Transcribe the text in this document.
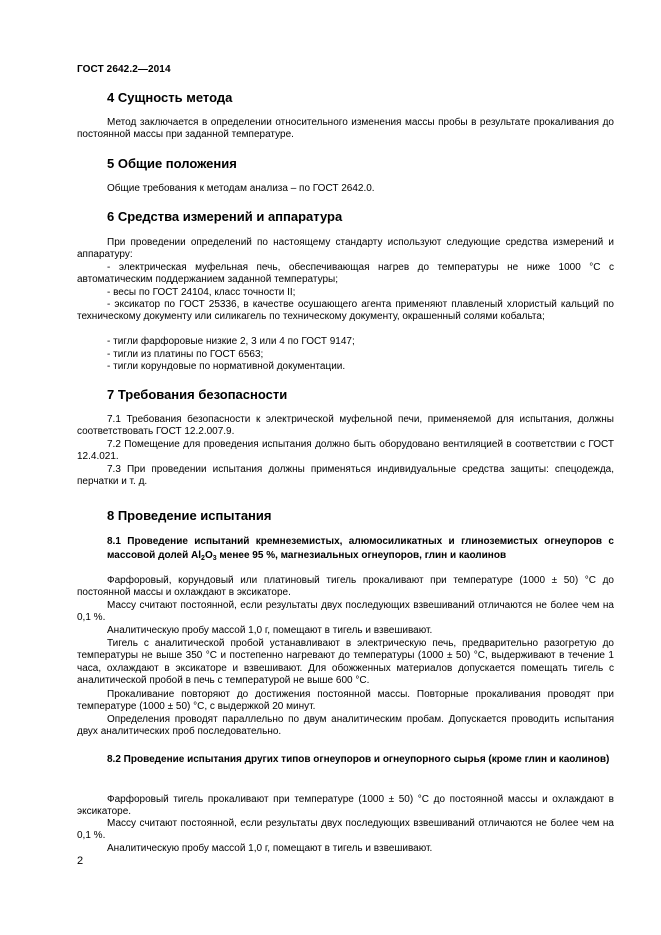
ГОСТ 2642.2—2014
4 Сущность метода
Метод заключается в определении относительного изменения массы пробы в результате прокаливания до постоянной массы при заданной температуре.
5 Общие положения
Общие требования к методам анализа – по ГОСТ 2642.0.
6 Средства измерений и аппаратура
При проведении определений по настоящему стандарту используют следующие средства измерений и аппаратуру:
- электрическая муфельная печь, обеспечивающая нагрев до температуры не ниже 1000 °С с автоматическим поддержанием заданной температуры;
- весы по ГОСТ 24104, класс точности II;
- эксикатор по ГОСТ 25336, в качестве осушающего агента применяют плавленый хлористый кальций по техническому документу или силикагель по техническому документу, окрашенный солями кобальта;
- тигли фарфоровые низкие 2, 3 или 4 по ГОСТ 9147;
- тигли из платины по ГОСТ 6563;
- тигли корундовые по нормативной документации.
7 Требования безопасности
7.1 Требования безопасности к электрической муфельной печи, применяемой для испытания, должны соответствовать ГОСТ 12.2.007.9.
7.2 Помещение для проведения испытания должно быть оборудовано вентиляцией в соответствии с ГОСТ 12.4.021.
7.3 При проведении испытания должны применяться индивидуальные средства защиты: спецодежда, перчатки и т. д.
8 Проведение испытания
8.1 Проведение испытаний кремнеземистых, алюмосиликатных и глиноземистых огнеупоров с массовой долей $Al_2O_3$ менее 95 %, магнезиальных огнеупоров, глин и каолинов
Фарфоровый, корундовый или платиновый тигель прокаливают при температуре (1000 ± 50) °С до постоянной массы и охлаждают в эксикаторе.
Массу считают постоянной, если результаты двух последующих взвешиваний отличаются не более чем на 0,1 %.
Аналитическую пробу массой 1,0 г, помещают в тигель и взвешивают.
Тигель с аналитической пробой устанавливают в электрическую печь, предварительно разогретую до температуры не выше 350 °С и постепенно нагревают до температуры (1000 ± 50) °С, выдерживают в течение 1 часа, охлаждают в эксикаторе и взвешивают. Для обожженных материалов допускается помещать тигель с аналитической пробой в печь с температурой не выше 600 °С.
Прокаливание повторяют до достижения постоянной массы. Повторные прокаливания проводят при температуре (1000 ± 50) °С, с выдержкой 20 минут.
Определения проводят параллельно по двум аналитическим пробам. Допускается проводить испытания двух аналитических проб последовательно.
8.2 Проведение испытания других типов огнеупоров и огнеупорного сырья (кроме глин и каолинов)
Фарфоровый тигель прокаливают при температуре (1000 ± 50) °С до постоянной массы и охлаждают в эксикаторе.
Массу считают постоянной, если результаты двух последующих взвешиваний отличаются не более чем на 0,1 %.
Аналитическую пробу массой 1,0 г, помещают в тигель и взвешивают.
2
